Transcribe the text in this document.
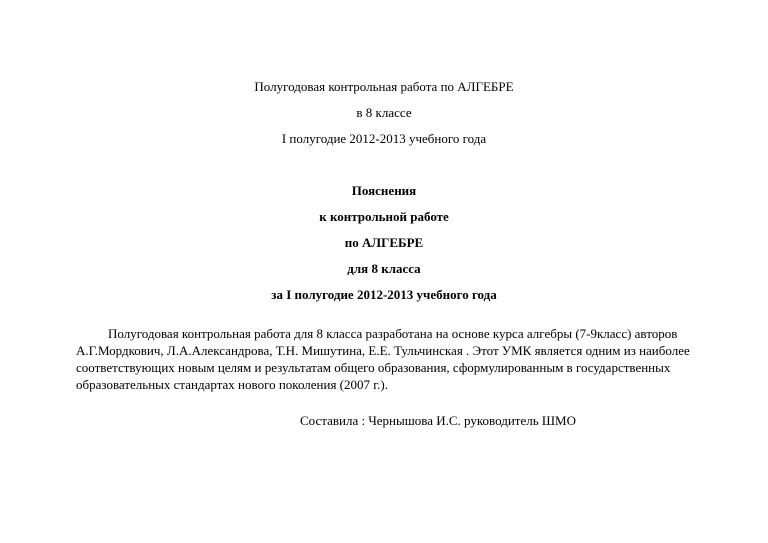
Полугодовая контрольная работа по АЛГЕБРЕ
в 8 классе
I полугодие 2012-2013 учебного года
Пояснения
к контрольной работе
по АЛГЕБРЕ
для 8 класса
за I полугодие 2012-2013 учебного года
Полугодовая контрольная работа для 8 класса разработана на основе курса алгебры (7-9класс) авторов
А.Г.Мордкович, Л.А.Александрова, Т.Н. Мишутина, Е.Е. Тульчинская . Этот УМК является одним из наиболее
соответствующих новым целям и результатам общего образования, сформулированным в государственных
образовательных стандартах нового поколения (2007 г.).
Составила : Чернышова И.С. руководитель ШМО
